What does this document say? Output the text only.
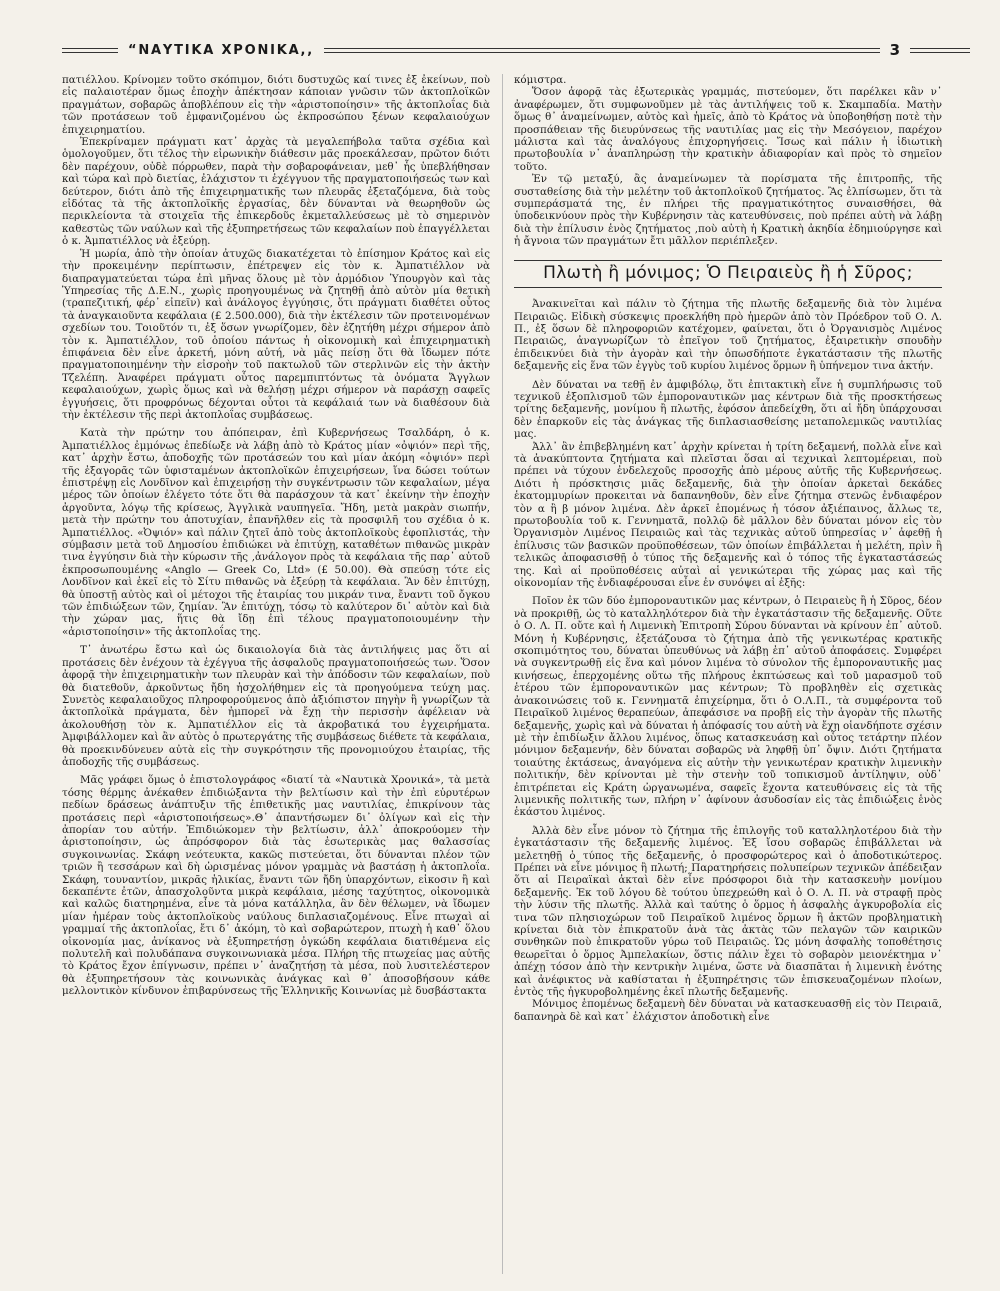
“ΝΑΥΤΙΚΑ ΧΡΟΝΙΚΑ,,	3

πατιέλλου. Κρίνομεν τοῦτο σκόπιμον, διότι δυστυχῶς καί τινες ἐξ ἐκείνων, ποὺ εἰς παλαιοτέραν ὅμως ἐποχὴν ἀπέκτησαν κάποιαν γνῶσιν τῶν ἀκτοπλοϊκῶν πραγμάτων, σοβαρῶς ἀποβλέπουν εἰς τὴν «ἀριστοποίησιν» τῆς ἀκτοπλοΐας διὰ τῶν προτάσεων τοῦ ἐμφανιζομένου ὡς ἐκπροσώπου ξένων κεφαλαιούχων ἐπιχειρηματίου.

Ἐπεκρίναμεν πράγματι κατ᾿ ἀρχὰς τὰ μεγαλεπήβολα ταῦτα σχέδια καὶ ὁμολογοῦμεν, ὅτι τέλος τὴν εἰρωνικὴν διάθεσιν μᾶς προεκάλεσαν, πρῶτον διότι δὲν παρέχουν, οὐδὲ πόρρωθεν, παρὰ τὴν σοβαροφάνειαν, μεθ᾿ ἧς ὑπεβλήθησαν καὶ τώρα καὶ πρὸ διετίας, ἐλάχιστον τι ἐχέγγυον τῆς πραγματοποιήσεώς των καὶ δεύτερον, διότι ἀπὸ τῆς ἐπιχειρηματικῆς των πλευρᾶς ἐξεταζόμενα, διὰ τοὺς εἰδότας τὰ τῆς ἀκτοπλοϊκῆς ἐργασίας, δὲν δύνανται νὰ θεωρηθοῦν ὡς περικλείοντα τὰ στοιχεῖα τῆς ἐπικερδοῦς ἐκμεταλλεύσεως μὲ τὸ σημερινὸν καθεστὼς τῶν ναύλων καὶ τῆς ἐξυπηρετήσεως τῶν κεφαλαίων ποὺ ἐπαγγέλλεται ὁ κ. Ἀμπατιέλλος νὰ ἐξεύρῃ.

Ἡ μωρία, ἀπὸ τὴν ὁποίαν ἀτυχῶς διακατέχεται τὸ ἐπίσημον Κράτος καὶ εἰς τὴν προκειμένην περίπτωσιν, ἐπέτρεψεν εἰς τὸν κ. Ἀμπατιέλλον νὰ διαπραγματεύεται τώρα ἐπὶ μῆνας ὅλους μὲ τὸν ἁρμόδιον Ὑπουργὸν καὶ τὰς Ὑπηρεσίας τῆς Δ.Ε.Ν., χωρὶς προηγουμένως νὰ ζητηθῇ ἀπὸ αὐτὸν μία θετικὴ (τραπεζιτική, φέρ᾿ εἰπεῖν) καὶ ἀνάλογος ἐγγύησις, ὅτι πράγματι διαθέτει οὗτος τὰ ἀναγκαιοῦντα κεφάλαια (£ 2.500.000), διὰ τὴν ἐκτέλεσιν τῶν προτεινομένων σχεδίων του. Τοιοῦτόν τι, ἐξ ὅσων γνωρίζομεν, δὲν ἐζητήθη μέχρι σήμερον ἀπὸ τὸν κ. Ἀμπατιέλλον, τοῦ ὁποίου πάντως ἡ οἰκονομικὴ καὶ ἐπιχειρηματικὴ ἐπιφάνεια δὲν εἶνε ἀρκετή, μόνη αὐτή, νὰ μᾶς πείσῃ ὅτι θὰ ἴδωμεν πότε πραγματοποιημένην τὴν εἰσροὴν τοῦ πακτωλοῦ τῶν στερλινῶν εἰς τὴν ἀκτὴν Τζελέπη. Ἀναφέρει πράγματι οὗτος παρεμπιπτόντως τὰ ὀνόματα Ἄγγλων κεφαλαιούχων, χωρὶς ὅμως καὶ νὰ θελήσῃ μέχρι σήμερον νὰ παράσχῃ σαφεῖς ἐγγυήσεις, ὅτι προφρόνως δέχονται οὗτοι τὰ κεφάλαιά των νὰ διαθέσουν διὰ τὴν ἐκτέλεσιν τῆς περὶ ἀκτοπλοΐας συμβάσεως.

Κατὰ τὴν πρώτην του ἀπόπειραν, ἐπὶ Κυβερνήσεως Τσαλδάρη, ὁ κ. Ἀμπατιέλλος ἐμμόνως ἐπεδίωξε νὰ λάβῃ ἀπὸ τὸ Κράτος μίαν «ὀψιόν» περὶ τῆς, κατ᾿ ἀρχὴν ἔστω, ἀποδοχῆς τῶν προτάσεών του καὶ μίαν ἀκόμη «ὀψιόν» περὶ τῆς ἐξαγορᾶς τῶν ὑφισταμένων ἀκτοπλοϊκῶν ἐπιχειρήσεων, ἵνα δώσει τούτων ἐπιστρέψῃ εἰς Λονδῖνον καὶ ἐπιχειρήσῃ τὴν συγκέντρωσιν τῶν κεφαλαίων, μέγα μέρος τῶν ὁποίων ἐλέγετο τότε ὅτι θὰ παράσχουν τὰ κατ᾿ ἐκείνην τὴν ἐποχὴν ἀργοῦντα, λόγῳ τῆς κρίσεως, Ἀγγλικὰ ναυπηγεῖα. Ἤδη, μετὰ μακρὰν σιωπήν, μετὰ τὴν πρώτην του ἀποτυχίαν, ἐπανῆλθεν εἰς τὰ προσφιλῆ του σχέδια ὁ κ. Ἀμπατιέλλος. «Ὀψιόν» καὶ πάλιν ζητεῖ ἀπὸ τοὺς ἀκτοπλοϊκοὺς ἐφοπλιστάς, τὴν σύμβασιν μετὰ τοῦ Δημοσίου ἐπιδιώκει νὰ ἐπιτύχῃ, καταθέτων πιθανῶς μικρὰν τινα ἐγγύησιν διὰ τὴν κύρωσιν τῆς ,ἀνάλογον πρὸς τὰ κεφάλαια τῆς παρ᾿ αὐτοῦ ἐκπροσωπουμένης «Anglo — Greek Co, Ltd» (£ 50.00). Θὰ σπεύσῃ τότε εἰς Λονδῖνον καὶ ἐκεῖ εἰς τὸ Σίτυ πιθανῶς νὰ ἐξεύρῃ τὰ κεφάλαια. Ἂν δὲν ἐπιτύχῃ, θὰ ὑποστῇ αὐτὸς καὶ οἱ μέτοχοι τῆς ἑταιρίας του μικράν τινα, ἔναντι τοῦ ὄγκου τῶν ἐπιδιώξεων τῶν, ζημίαν. Ἂν ἐπιτύχῃ, τόσῳ τὸ καλύτερον δι᾿ αὐτὸν καὶ διὰ τὴν χώραν μας, ἥτις θὰ ἴδῃ ἐπὶ τέλους πραγματοποιουμένην τὴν «ἀριστοποίησιν» τῆς ἀκτοπλοΐας της.

Τ᾿ ἀνωτέρω ἔστω καὶ ὡς δικαιολογία διὰ τὰς ἀντιλήψεις μας ὅτι αἱ προτάσεις δὲν ἐνέχουν τὰ ἐχέγγυα τῆς ἀσφαλοῦς πραγματοποιήσεώς των. Ὅσον ἀφορᾷ τὴν ἐπιχειρηματικὴν των πλευρὰν καὶ τὴν ἀπόδοσιν τῶν κεφαλαίων, ποὺ θὰ διατεθοῦν, ἀρκοῦντως ἤδη ἠσχολήθημεν εἰς τὰ προηγούμενα τεύχη μας. Συνετὸς κεφαλαιοῦχος πληροφορούμενος ἀπὸ ἀξιόπιστον πηγὴν ἢ γνωρίζων τὰ ἀκτοπλοϊκὰ πράγματα, δὲν ἠμπορεῖ νὰ ἔχῃ τὴν περισσὴν ἀφέλειαν νὰ ἀκολουθήσῃ τὸν κ. Ἀμπατιέλλον εἰς τὰ ἀκροβατικά του ἐγχειρήματα. Ἀμφιβάλλομεν καὶ ἂν αὐτὸς ὁ πρωτεργάτης τῆς συμβάσεως διέθετε τὰ κεφάλαια, θὰ προεκινδύνευεν αὐτὰ εἰς τὴν συγκρότησιν τῆς προνομιούχου ἑταιρίας, τῆς ἀποδοχῆς τῆς συμβάσεως.

Μᾶς γράφει ὅμως ὁ ἐπιστολογράφος «διατί τὰ «Ναυτικὰ Χρονικά», τὰ μετὰ τόσης θέρμης ἀνέκαθεν ἐπιδιώξαντα τὴν βελτίωσιν καὶ τὴν ἐπὶ εὐρυτέρων πεδίων δράσεως ἀνάπτυξιν τῆς ἐπιθετικῆς μας ναυτιλίας, ἐπικρίνουν τὰς προτάσεις περὶ «ἀριστοποιήσεως».Θ᾿ ἀπαντήσωμεν δι᾿ ὀλίγων καὶ εἰς τὴν ἀπορίαν του αὐτήν. Ἐπιδιώκομεν τὴν βελτίωσιν, ἀλλ᾿ ἀποκρούομεν τὴν ἀριστοποίησιν, ὡς ἀπρόσφορον διὰ τὰς ἐσωτερικὰς μας θαλασσίας συγκοινωνίας. Σκάφη νεότευκτα, κακῶς πιστεύεται, ὅτι δύνανται πλέον τῶν τριῶν ἢ τεσσάρων καὶ δὴ ὡρισμένας μόνον γραμμὰς νὰ βαστάσῃ ἡ ἀκτοπλοΐα. Σκάφη, τουναντίον, μικρᾶς ἡλικίας, ἔναντι τῶν ἤδη ὑπαρχόντων, εἰκοσιν ἢ καὶ δεκαπέντε ἐτῶν, ἀπασχολοῦντα μικρὰ κεφάλαια, μέσης ταχύτητος, οἰκονομικὰ καὶ καλῶς διατηρημένα, εἶνε τὰ μόνα κατάλληλα, ἂν δὲν θέλωμεν, νὰ ἴδωμεν μίαν ἡμέραν τοὺς ἀκτοπλοϊκοὺς ναύλους διπλασιαζομένους. Εἶνε πτωχαὶ αἱ γραμμαί τῆς ἀκτοπλοΐας, ἔτι δ᾿ ἀκόμη, τὸ καὶ σοβαρώτερον, πτωχὴ ἡ καθ᾿ ὅλου οἰκονομία μας, ἀνίκανος νὰ ἐξυπηρετήσῃ ὀγκώδη κεφάλαια διατιθέμενα εἰς πολυτελῆ καὶ πολυδάπανα συγκοινωνιακὰ μέσα. Πλήρη τῆς πτωχείας μας αὐτῆς τὸ Κράτος ἔχον ἐπίγνωσιν, πρέπει ν᾿ ἀναζητήσῃ τὰ μέσα, ποὺ λυσιτελέστερον θὰ ἐξυπηρετήσουν τὰς κοινωνικὰς ἀνάγκας καὶ θ᾿ ἀποσοβήσουν κάθε μελλοντικὸν κίνδυνον ἐπιβαρύνσεως τῆς Ἑλληνικῆς Κοινωνίας μὲ δυσβάστακτα

κόμιστρα.

Ὅσον ἀφορᾷ τὰς ἐξωτερικὰς γραμμάς, πιστεύομεν, ὅτι παρέλκει κἂν ν᾿ ἀναφέρωμεν, ὅτι συμφωνοῦμεν μὲ τὰς ἀντιλήψεις τοῦ κ. Σκαμπαδία. Ματὴν ὅμως θ᾿ ἀναμείνωμεν, αὐτὸς καὶ ἡμεῖς, ἀπὸ τὸ Κράτος νὰ ὑποβοηθήσῃ ποτὲ τὴν προσπάθειαν τῆς διευρύνσεως τῆς ναυτιλίας μας εἰς τὴν Μεσόγειον, παρέχον μάλιστα καὶ τὰς ἀναλόγους ἐπιχορηγήσεις. Ἴσως καὶ πάλιν ἡ ἰδιωτικὴ πρωτοβουλία ν᾿ ἀναπληρώσῃ τὴν κρατικὴν ἀδιαφορίαν καὶ πρὸς τὸ σημεῖον τοῦτο.

Ἐν τῷ μεταξύ, ἂς ἀναμείνωμεν τὰ πορίσματα τῆς ἐπιτροπῆς, τῆς συσταθείσης διὰ τὴν μελέτην τοῦ ἀκτοπλοϊκοῦ ζητήματος. Ἂς ἐλπίσωμεν, ὅτι τὰ συμπεράσματά της, ἐν πλήρει τῆς πραγματικότητος συναισθήσει, θὰ ὑποδεικνύουν πρὸς τὴν Κυβέρνησιν τὰς κατευθύνσεις, ποὺ πρέπει αὐτὴ νὰ λάβῃ διὰ τὴν ἐπίλυσιν ἑνὸς ζητήματος ,ποὺ αὐτὴ ἡ Κρατικὴ ἀκηδία ἐδημιούργησε καὶ ἡ ἄγνοια τῶν πραγμάτων ἔτι μᾶλλον περιέπλεξεν.

Πλωτὴ ἢ μόνιμος; Ὁ Πειραιεὺς ἢ ἡ Σῦρος;

Ἀνακινεῖται καὶ πάλιν τὸ ζήτημα τῆς πλωτῆς δεξαμενῆς διὰ τὸν λιμένα Πειραιῶς. Εἰδικὴ σύσκεψις προεκλήθη πρὸ ἡμερῶν ἀπὸ τὸν Πρόεδρον τοῦ Ο. Λ. Π., ἐξ ὅσων δὲ πληροφοριῶν κατέχομεν, φαίνεται, ὅτι ὁ Ὀργανισμὸς Λιμένος Πειραιῶς, ἀναγνωρίζων τὸ ἐπεῖγον τοῦ ζητήματος, ἐξαιρετικὴν σπουδὴν ἐπιδεικνύει διὰ τὴν ἀγορὰν καὶ τὴν ὁπωσδήποτε ἐγκατάστασιν τῆς πλωτῆς δεξαμενῆς εἰς ἕνα τῶν ἐγγὺς τοῦ κυρίου λιμένος ὅρμων ἢ ὑπήνεμον τινα ἀκτήν.

Δὲν δύναται να τεθῇ ἐν ἀμφιβόλῳ, ὅτι ἐπιτακτικὴ εἶνε ἡ συμπλήρωσις τοῦ τεχνικοῦ ἐξοπλισμοῦ τῶν ἐμποροναυτικῶν μας κέντρων διὰ τῆς προσκτήσεως τρίτης δεξαμενῆς, μονίμου ἢ πλωτῆς, ἐφόσον ἀπεδείχθη, ὅτι αἱ ἤδη ὑπάρχουσαι δὲν ἐπαρκοῦν εἰς τὰς ἀνάγκας τῆς διπλασιασθείσης μεταπολεμικῶς ναυτιλίας μας.

Ἀλλ᾿ ἂν ἐπιβεβλημένη κατ᾿ ἀρχὴν κρίνεται ἡ τρίτη δεξαμενή, πολλὰ εἶνε καὶ τὰ ἀνακύπτοντα ζητήματα καὶ πλεῖσται ὅσαι αἱ τεχνικαὶ λεπτομέρειαι, ποὺ πρέπει νὰ τύχουν ἐνδελεχοῦς προσοχῆς ἀπὸ μέρους αὐτῆς τῆς Κυβερνήσεως. Διότι ἡ πρόσκτησις μιᾶς δεξαμενῆς, διὰ τὴν ὁποίαν ἀρκεταὶ δεκάδες ἑκατομμυρίων προκειται νὰ δαπανηθοῦν, δὲν εἶνε ζήτημα στενῶς ἐνδιαφέρον τὸν α ἢ β μόνον λιμένα. Δὲν ἀρκεῖ ἑπομένως ἡ τόσον ἀξιέπαινος, ἄλλως τε, πρωτοβουλία τοῦ κ. Γεννηματᾶ, πολλῷ δὲ μᾶλλον δὲν δύναται μόνον εἰς τὸν Ὀργανισμὸν Λιμένος Πειραιῶς καὶ τὰς τεχνικὰς αὐτοῦ ὑπηρεσίας ν᾿ ἀφεθῇ ἡ ἐπίλυσις τῶν βασικῶν προϋποθέσεων, τῶν ὁποίων ἐπιβάλλεται ἡ μελέτη, πρὶν ἢ τελικῶς ἀποφασισθῇ ὁ τύπος τῆς δεξαμενῆς καὶ ὁ τόπος τῆς ἐγκαταστάσεώς της. Καὶ αἱ προϋποθέσεις αὐταὶ αἱ γενικώτεραι τῆς χώρας μας καὶ τῆς οἰκονομίαν τῆς ἐνδιαφέρουσαι εἶνε ἐν συνόψει αἱ ἑξῆς:

Ποῖον ἐκ τῶν δύο ἐμποροναυτικῶν μας κέντρων, ὁ Πειραιεὺς ἢ ἡ Σῦρος, δέον νὰ προκριθῇ, ὡς τὸ καταλληλότερον διὰ τὴν ἐγκατάστασιν τῆς δεξαμενῆς. Οὔτε ὁ Ο. Λ. Π. οὔτε καὶ ἡ Λιμενικὴ Ἐπιτροπὴ Σύρου δύνανται νὰ κρίνουν ἐπ᾿ αὐτοῦ. Μόνη ἡ Κυβέρνησις, ἐξετάζουσα τὸ ζήτημα ἀπὸ τῆς γενικωτέρας κρατικῆς σκοπιμότητος του, δύναται ὑπευθύνως νὰ λάβῃ ἐπ᾿ αὐτοῦ ἀποφάσεις. Συμφέρει νὰ συγκεντρωθῇ εἰς ἕνα καὶ μόνον λιμένα τὸ σύνολον τῆς ἐμποροναυτικῆς μας κινήσεως, ἐπερχομένης οὕτω τῆς πλήρους ἐκπτώσεως καὶ τοῦ μαρασμοῦ τοῦ ἑτέρου τῶν ἐμποροναυτικῶν μας κέντρων; Τὸ προβληθὲν εἰς σχετικὰς ἀνακοινώσεις τοῦ κ. Γεννηματᾶ ἐπιχείρημα, ὅτι ὁ Ο.Λ.Π., τὰ συμφέροντα τοῦ Πειραϊκοῦ λιμένος θεραπεύων, ἀπεφάσισε να προβῇ εἰς τὴν ἀγορὰν τῆς πλωτῆς δεξαμενῆς, χωρὶς καὶ νὰ δύναται ἡ ἀπόφασίς του αὐτὴ νὰ ἔχῃ οἱανδήποτε σχέσιν μὲ τὴν ἐπιδίωξιν ἄλλου λιμένος, ὅπως κατασκευάσῃ καὶ οὗτος τετάρτην πλέον μόνιμον δεξαμενήν, δὲν δύναται σοβαρῶς νὰ ληφθῇ ὑπ᾿ ὄψιν. Διότι ζητήματα τοιαύτης ἐκτάσεως, ἀναγόμενα εἰς αὐτὴν τὴν γενικωτέραν κρατικὴν λιμενικὴν πολιτικήν, δὲν κρίνονται μὲ τὴν στενὴν τοῦ τοπικισμοῦ ἀντίληψιν, οὐδ᾿ ἐπιτρέπεται εἰς Κράτη ὠργανωμένα, σαφεῖς ἔχοντα κατευθύνσεις εἰς τὰ τῆς λιμενικῆς πολιτικῆς των, πλήρη ν᾿ ἀφίνουν ἀσυδοσίαν εἰς τὰς ἐπιδιώξεις ἑνὸς ἑκάστου λιμένος.

Ἀλλὰ δὲν εἶνε μόνον τὸ ζήτημα τῆς ἐπιλογῆς τοῦ καταλληλοτέρου διὰ τὴν ἐγκατάστασιν τῆς δεξαμενῆς λιμένος. Ἐξ ἴσου σοβαρῶς ἐπιβάλλεται νὰ μελετηθῇ ὁ τύπος τῆς δεξαμενῆς, ὁ προσφορώτερος καὶ ὁ ἀποδοτικώτερος. Πρέπει νὰ εἶνε μόνιμος ἢ πλωτή; Παρατηρήσεις πολυπείρων τεχνικῶν ἀπέδειξαν ὅτι αἱ Πειραϊκαὶ ἀκταὶ δὲν εἶνε πρόσφοροι διὰ τὴν κατασκευὴν μονίμου δεξαμενῆς. Ἐκ τοῦ λόγου δὲ τούτου ὑπεχρεώθη καὶ ὁ Ο. Λ. Π. νὰ στραφῇ πρὸς τὴν λύσιν τῆς πλωτῆς. Ἀλλὰ καὶ ταύτης ὁ ὅρμος ἡ ἀσφαλὴς ἀγκυροβολία εἰς τινα τῶν πλησιοχώρων τοῦ Πειραϊκοῦ λιμένος ὅρμων ἢ ἀκτῶν προβληματικὴ κρίνεται διὰ τὸν ἐπικρατοῦν ἀνὰ τὰς ἀκτὰς τῶν πελαγῶν τῶν καιρικῶν συνθηκῶν ποὺ ἐπικρατοῦν γύρω τοῦ Πειραιῶς. Ὡς μόνη ἀσφαλὴς τοποθέτησις θεωρεῖται ὁ ὅρμος Ἀμπελακίων, ὅστις πάλιν ἔχει τὸ σοβαρὸν μειονέκτημα ν᾿ ἀπέχῃ τόσον ἀπὸ τὴν κεντρικὴν λιμένα, ὥστε νὰ διασπᾶται ἡ λιμενικὴ ἑνότης καὶ ἀνέφικτος νὰ καθίσταται ἡ ἐξυπηρέτησις τῶν ἐπισκευαζομένων πλοίων, ἐντὸς τῆς ἠγκυροβολημένης ἐκεῖ πλωτῆς δεξαμενῆς.

Μόνιμος ἑπομένως δεξαμενὴ δὲν δύναται νὰ κατασκευασθῇ εἰς τὸν Πειραιᾶ, δαπανηρὰ δὲ καὶ κατ᾿ ἐλάχιστον ἀποδοτικὴ εἶνε
